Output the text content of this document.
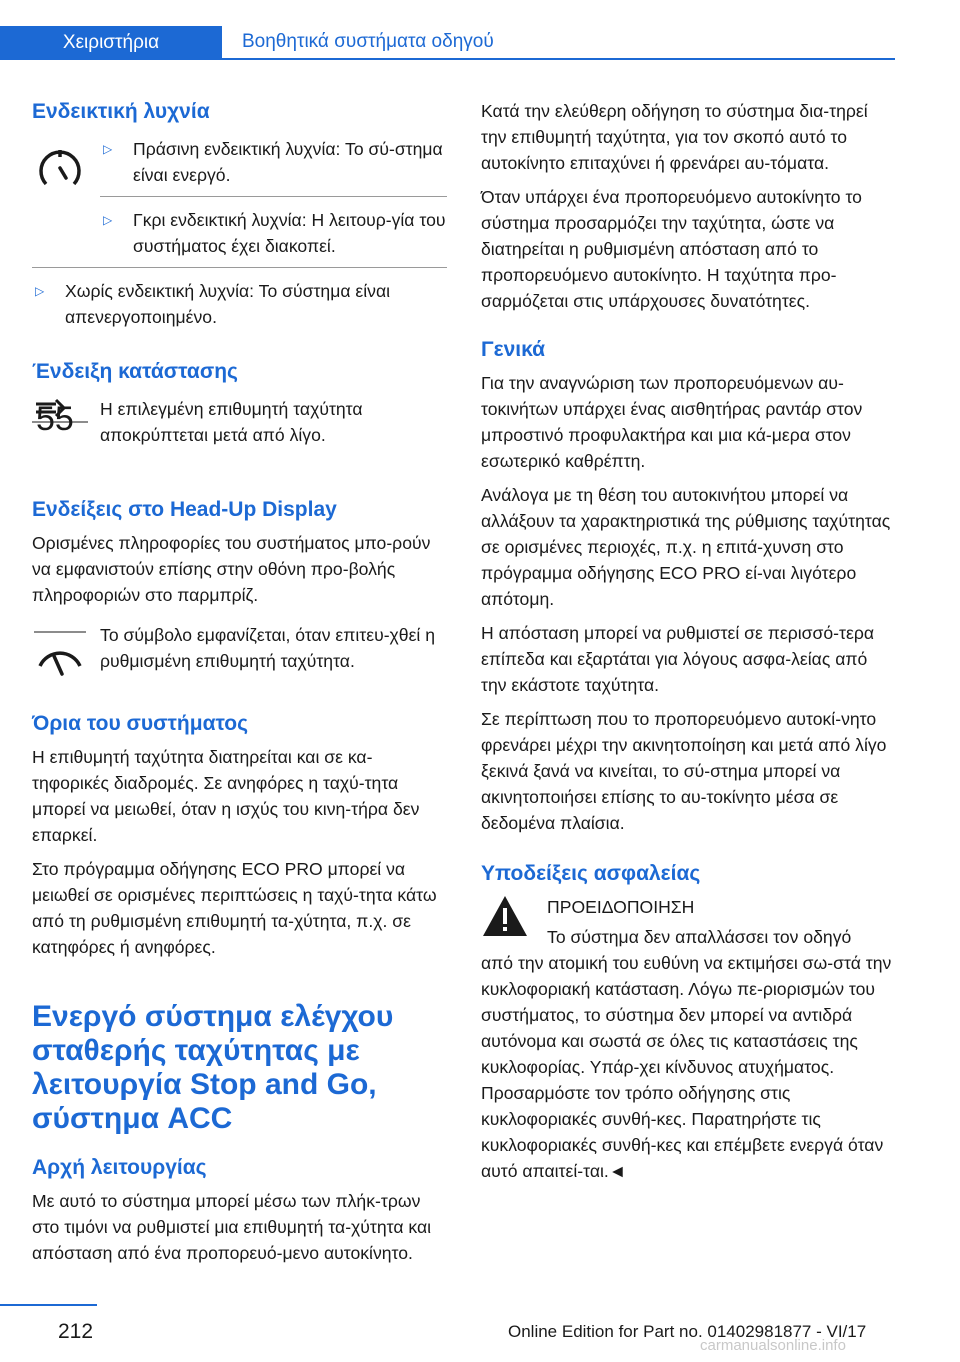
Χειριστήρια	Βοηθητικά συστήματα οδηγού
Ενδεικτική λυχνία
▷	Πράσινη ενδεικτική λυχνία: Το σύ-στημα είναι ενεργό.
▷	Γκρι ενδεικτική λυχνία: Η λειτουρ-γία του συστήματος έχει διακοπεί.
▷	Χωρίς ενδεικτική λυχνία: Το σύστημα είναι απενεργοποιημένο.
Ένδειξη κατάστασης

Η επιλεγμένη επιθυμητή ταχύτητα αποκρύπτεται μετά από λίγο.

55
Ενδείξεις στο Head-Up Display

Ορισμένες πληροφορίες του συστήματος μπο-ρούν να εμφανιστούν επίσης στην οθόνη προ-βολής πληροφοριών στο παρμπρίζ.

Το σύμβολο εμφανίζεται, όταν επιτευ-χθεί η ρυθμισμένη επιθυμητή ταχύτητα.

Όρια του συστήματος

Η επιθυμητή ταχύτητα διατηρείται και σε κα-τηφορικές διαδρομές. Σε ανηφόρες η ταχύ-τητα μπορεί να μειωθεί, όταν η ισχύς του κινη-τήρα δεν επαρκεί.

Στο πρόγραμμα οδήγησης ECO PRO μπορεί να μειωθεί σε ορισμένες περιπτώσεις η ταχύ-τητα κάτω από τη ρυθμισμένη επιθυμητή τα-χύτητα, π.χ. σε κατηφόρες ή ανηφόρες.

Ενεργό σύστημα ελέγχου σταθερής ταχύτητας με λειτουργία Stop and Go, σύστημα ACC
Αρχή λειτουργίας

Με αυτό το σύστημα μπορεί μέσω των πλήκ-τρων στο τιμόνι να ρυθμιστεί μια επιθυμητή τα-χύτητα και απόσταση από ένα προπορευό-μενο αυτοκίνητο.

Κατά την ελεύθερη οδήγηση το σύστημα δια-τηρεί την επιθυμητή ταχύτητα, για τον σκοπό αυτό το αυτοκίνητο επιταχύνει ή φρενάρει αυ-τόματα.

Όταν υπάρχει ένα προπορευόμενο αυτοκίνητο το σύστημα προσαρμόζει την ταχύτητα, ώστε να διατηρείται η ρυθμισμένη απόσταση από το προπορευόμενο αυτοκίνητο. Η ταχύτητα προ-σαρμόζεται στις υπάρχουσες δυνατότητες.

Γενικά

Για την αναγνώριση των προπορευόμενων αυ-τοκινήτων υπάρχει ένας αισθητήρας ραντάρ στον μπροστινό προφυλακτήρα και μια κά-μερα στον εσωτερικό καθρέπτη.

Ανάλογα με τη θέση του αυτοκινήτου μπορεί να αλλάξουν τα χαρακτηριστικά της ρύθμισης ταχύτητας σε ορισμένες περιοχές, π.χ. η επιτά-χυνση στο πρόγραμμα οδήγησης ECO PRO εί-ναι λιγότερο απότομη.

Η απόσταση μπορεί να ρυθμιστεί σε περισσό-τερα επίπεδα και εξαρτάται για λόγους ασφα-λείας από την εκάστοτε ταχύτητα.

Σε περίπτωση που το προπορευόμενο αυτοκί-νητο φρενάρει μέχρι την ακινητοποίηση και μετά από λίγο ξεκινά ξανά να κινείται, το σύ-στημα μπορεί να ακινητοποιήσει επίσης το αυ-τοκίνητο μέσα σε δεδομένα πλαίσια.

Υποδείξεις ασφαλείας

ΠΡΟΕΙΔΟΠΟΙΗΣΗ

Το σύστημα δεν απαλλάσσει τον οδηγό

από την ατομική του ευθύνη να εκτιμήσει σω-στά την κυκλοφοριακή κατάσταση. Λόγω πε-ριορισμών του συστήματος, το σύστημα δεν μπορεί να αντιδρά αυτόνομα και σωστά σε όλες τις καταστάσεις της κυκλοφορίας. Υπάρ-χει κίνδυνος ατυχήματος. Προσαρμόστε τον τρόπο οδήγησης στις κυκλοφοριακές συνθή-κες. Παρατηρήστε τις κυκλοφοριακές συνθή-κες και επέμβετε ενεργά όταν αυτό απαιτεί-ται.◄

212	Online Edition for Part no. 01402981877 - VI/17
carmanualsonline.info
